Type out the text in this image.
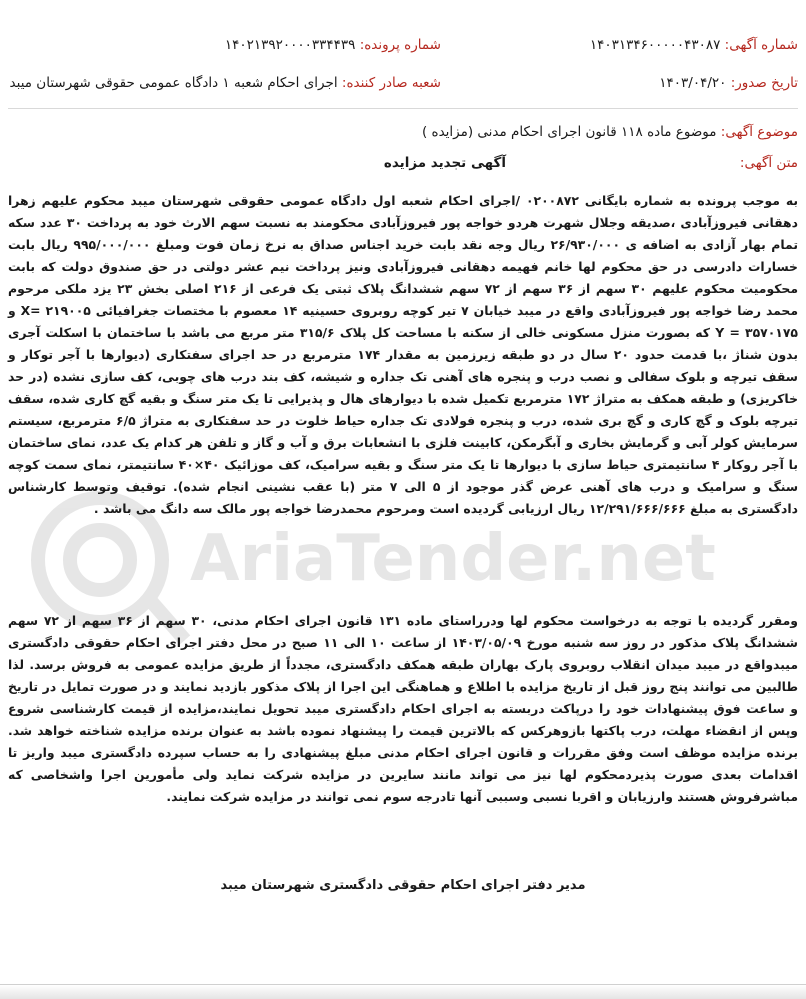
شماره آگهی: ۱۴۰۳۱۳۴۶۰۰۰۰۰۴۳۰۸۷
شماره پرونده: ۱۴۰۲۱۳۹۲۰۰۰۰۳۳۴۴۳۹
تاریخ صدور: ۱۴۰۳/۰۴/۲۰
شعبه صادر کننده: اجرای احکام شعبه ۱ دادگاه عمومی حقوقی شهرستان میبد
موضوع آگهی: موضوع ماده ۱۱۸ قانون اجرای احکام مدنی (مزایده )
متن آگهی:
آگهی تجدید مزایده
AriaTender.net
به موجب پرونده به شماره بایگانی ۰۲۰۰۸۷۲ /اجرای احکام شعبه اول دادگاه عمومی حقوقی شهرستان میبد محکوم علیهم زهرا دهقانی فیروزآبادی ،صدیقه وجلال شهرت هردو خواجه پور فیروزآبادی محکومند به نسبت سهم الارث خود به پرداخت ۳۰ عدد سکه تمام بهار آزادی به اضافه ی ۲۶/۹۳۰/۰۰۰ ریال وجه نقد بابت خرید اجناس صداق به نرخ زمان فوت ومبلغ ۹۹۵/۰۰۰/۰۰۰ ریال بابت خسارات دادرسی در حق محکوم لها خانم فهیمه دهقانی فیروزآبادی ونیز پرداخت نیم عشر دولتی در حق صندوق دولت که بابت محکومیت محکوم علیهم ۳۰ سهم از ۳۶ سهم از ۷۲ سهم ششدانگ پلاک ثبتی یک فرعی از ۲۱۶ اصلی بخش ۲۳ یزد ملکی مرحوم محمد رضا خواجه پور فیروزآبادی واقع در میبد خیابان ۷ تیر کوچه روبروی حسینیه ۱۴ معصوم با مختصات جغرافیائی ۲۱۹۰۰۵ =X و ۳۵۷۰۱۷۵ = Y که بصورت منزل مسکونی خالی از سکنه با مساحت کل پلاک ۳۱۵/۶ متر مربع می باشد با ساختمان با اسکلت آجری بدون شناژ ،با قدمت حدود ۲۰ سال در دو طبقه زیرزمین به مقدار ۱۷۴ مترمربع در حد اجرای سفتکاری (دیوارها با آجر توکار و سقف تیرچه و بلوک سفالی و نصب درب و پنجره های آهنی تک جداره و شیشه، کف بند درب های چوبی، کف سازی نشده (در حد خاکریزی) و طبقه همکف به متراژ ۱۷۲ مترمربع تکمیل شده با دیوارهای هال و پذیرایی تا یک متر سنگ و بقیه گچ کاری شده، سقف تیرچه بلوک و گچ کاری و گچ بری شده، درب و پنجره فولادی تک جداره حیاط خلوت در حد سفتکاری به متراژ ۶/۵ مترمربع، سیستم سرمایش کولر آبی و گرمایش بخاری و آبگرمکن، کابینت فلزی با انشعابات برق و آب و گاز و تلفن هر کدام یک عدد، نمای ساختمان با آجر روکار ۴ سانتیمتری حیاط سازی با دیوارها تا یک متر سنگ و بقیه سرامیک، کف موزائیک ۴۰×۴۰ سانتیمتر، نمای سمت کوچه سنگ و سرامیک و درب های آهنی عرض گذر موجود از ۵ الی ۷ متر (با عقب نشینی انجام شده). توقیف وتوسط کارشناس دادگستری به مبلغ ۱۲/۲۹۱/۶۶۶/۶۶۶ ریال ارزیابی گردیده است ومرحوم محمدرضا خواجه پور مالک سه دانگ می باشد .
ومقرر گردیده با توجه به درخواست محکوم لها ودرراستای ماده ۱۳۱ قانون اجرای احکام مدنی، ۳۰ سهم از ۳۶ سهم از ۷۲ سهم ششدانگ پلاک مذکور در روز سه شنبه مورخ ۱۴۰۳/۰۵/۰۹ از ساعت ۱۰ الی ۱۱ صبح در محل دفتر اجرای احکام حقوقی دادگستری میبدواقع در میبد میدان انقلاب روبروی پارک بهاران طبقه همکف دادگستری، مجدداً از طریق مزایده عمومی به فروش برسد. لذا طالبین می توانند پنج روز قبل از تاریخ مزایده با اطلاع و هماهنگی این اجرا از پلاک مذکور بازدید نمایند و در صورت تمایل در تاریخ و ساعت فوق پیشنهادات خود را درپاکت دربسته به اجرای احکام دادگستری میبد تحویل نمایند،مزایده از قیمت کارشناسی شروع وپس از انقضاء مهلت، درب پاکتها بازوهرکس که بالاترین قیمت را پیشنهاد نموده باشد به عنوان برنده مزایده شناخته خواهد شد. برنده مزایده موظف است وفق مقررات و قانون اجرای احکام مدنی مبلغ پیشنهادی را به حساب سپرده دادگستری میبد واریز تا اقدامات بعدی صورت پذیردمحکوم لها نیز می تواند مانند سایرین در مزایده شرکت نماید ولی مأمورین اجرا واشخاصی که مباشرفروش هستند وارزیابان و اقربا نسبی وسببی آنها تادرجه سوم نمی توانند در مزایده شرکت نمایند.
مدیر دفتر اجرای احکام حقوقی دادگستری شهرستان میبد
